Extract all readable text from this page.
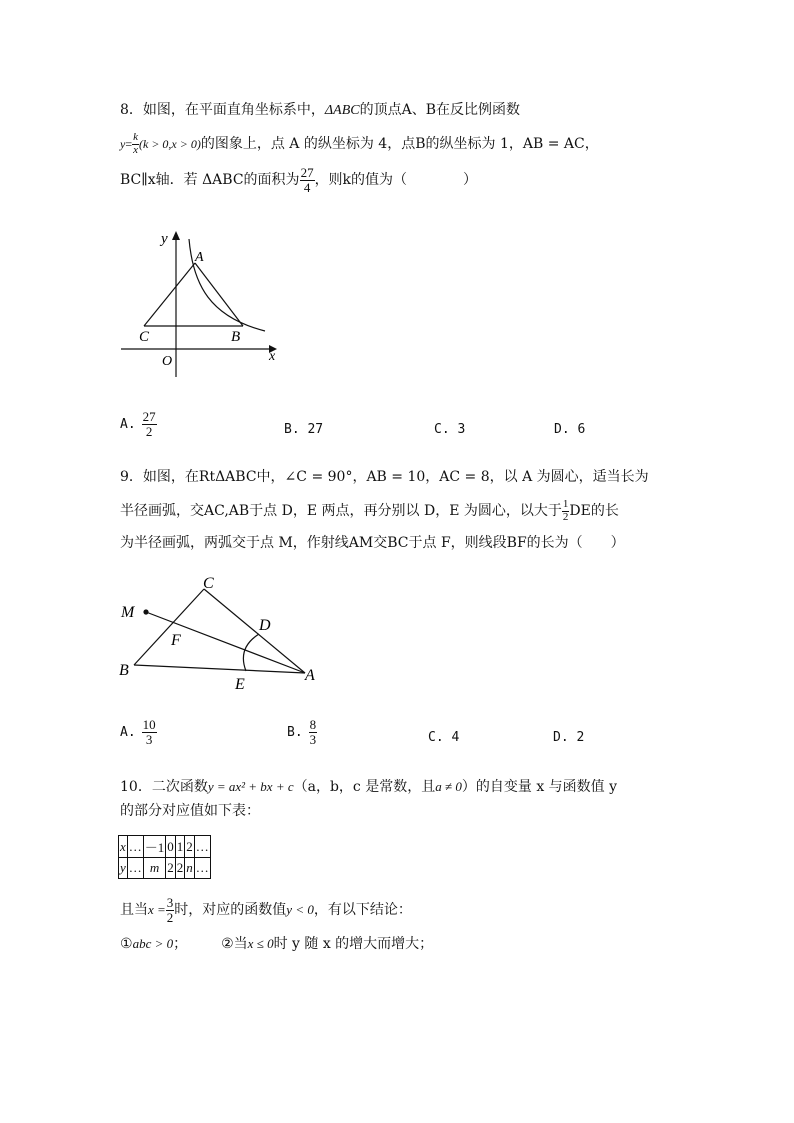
8．如图，在平面直角坐标系中，ΔABC的顶点A、B在反比例函数
$y= \frac{k}{x} (k > 0,x > 0)$的图象上，点 A 的纵坐标为 4，点B的纵坐标为 1，AB = AC，
BC∥x轴．若 ΔABC的面积为 $\frac{27}{4}$ ，则k的值为（　　　　）
y
A
C	B
O	x
A. $\frac{27}{2}$	B. 27	C. 3	D. 6
9．如图，在RtΔABC中，∠C = 90°，AB = 10，AC = 8，以 A 为圆心，适当长为
半径画弧，交AC,AB于点 D，E 两点，再分别以 D，E 为圆心，以大于 $\frac{1}{2}$ DE的长
为半径画弧，两弧交于点 M，作射线AM交BC于点 F，则线段BF的长为（　　）
C
M
D
F
B
E
A
A. $\frac{10}{3}$	B. $\frac{8}{3}$	C. 4	D. 2
10．二次函数y = ax² + bx + c（a，b，c 是常数，且a ≠ 0）的自变量 x 与函数值 y
的部分对应值如下表：
x	…	－1	0	1	2	…
y	…	m	2	2	n	…
且当$x = \frac{3}{2}$ 时，对应的函数值y < 0，有以下结论：
①abc > 0； ②当x ≤ 0时 y 随 x 的增大而增大；
